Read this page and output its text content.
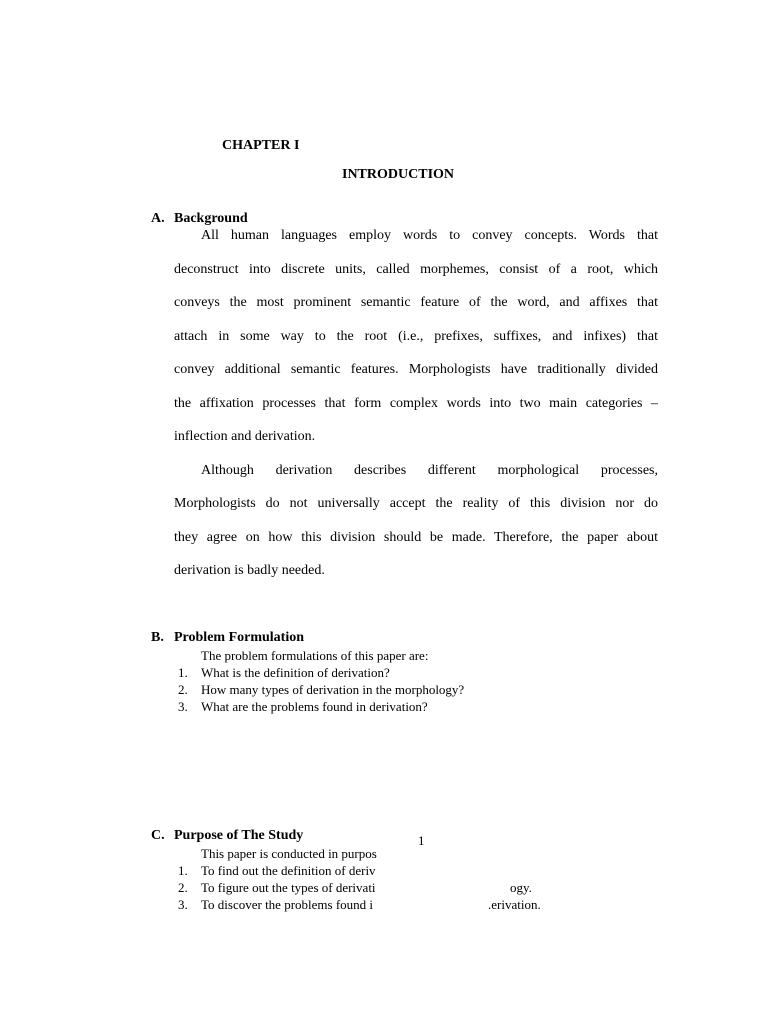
CHAPTER I
INTRODUCTION
A. Background
All human languages employ words to convey concepts. Words that
deconstruct into discrete units, called morphemes, consist of a root, which
conveys the most prominent semantic feature of the word, and affixes that
attach in some way to the root (i.e., prefixes, suffixes, and infixes) that
convey additional semantic features. Morphologists have traditionally divided
the affixation processes that form complex words into two main categories –
inflection and derivation.
Although derivation describes different morphological processes,
Morphologists do not universally accept the reality of this division nor do
they agree on how this division should be made. Therefore, the paper about
derivation is badly needed.
B. Problem Formulation
The problem formulations of this paper are:
1. What is the definition of derivation?
2. How many types of derivation in the morphology?
3. What are the problems found in derivation?
C. Purpose of The Study
This paper is conducted in purpos
1. To find out the definition of deriv
2. To figure out the types of derivati
3. To discover the problems found i
ogy.
.erivation.
1
